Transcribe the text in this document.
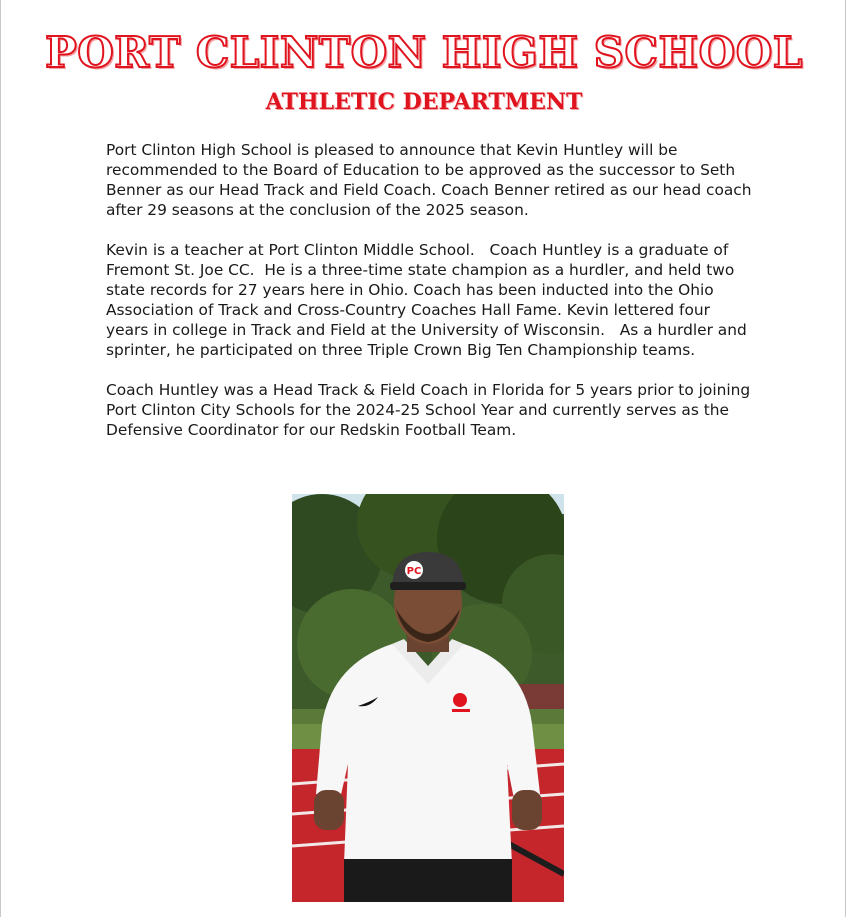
PORT CLINTON HIGH SCHOOL
ATHLETIC DEPARTMENT

Port Clinton High School is pleased to announce that Kevin Huntley will be recommended to the Board of Education to be approved as the successor to Seth Benner as our Head Track and Field Coach. Coach Benner retired as our head coach after 29 seasons at the conclusion of the 2025 season.

Kevin is a teacher at Port Clinton Middle School.   Coach Huntley is a graduate of Fremont St. Joe CC.  He is a three-time state champion as a hurdler, and held two state records for 27 years here in Ohio. Coach has been inducted into the Ohio Association of Track and Cross-Country Coaches Hall Fame. Kevin lettered four years in college in Track and Field at the University of Wisconsin.   As a hurdler and sprinter, he participated on three Triple Crown Big Ten Championship teams.

Coach Huntley was a Head Track & Field Coach in Florida for 5 years prior to joining Port Clinton City Schools for the 2024-25 School Year and currently serves as the Defensive Coordinator for our Redskin Football Team.

PC
